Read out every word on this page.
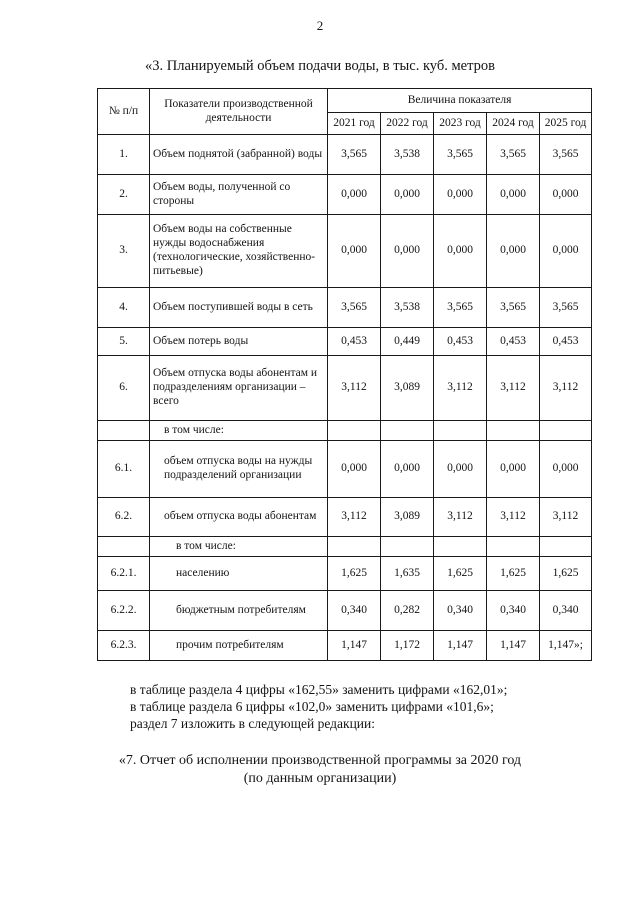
2
«3. Планируемый объем подачи воды, в тыс. куб. метров
№ п/п	Показатели производственной деятельности	Величина показателя				
		2021 год	2022 год	2023 год	2024 год	2025 год
1.	Объем поднятой (забранной) воды	3,565	3,538	3,565	3,565	3,565
2.	Объем воды, полученной со стороны	0,000	0,000	0,000	0,000	0,000
3.	Объем воды на собственные нужды водоснабжения (технологические, хозяйственно-питьевые)	0,000	0,000	0,000	0,000	0,000
4.	Объем поступившей воды в сеть	3,565	3,538	3,565	3,565	3,565
5.	Объем потерь воды	0,453	0,449	0,453	0,453	0,453
6.	Объем отпуска воды абонентам и подразделениям организации – всего	3,112	3,089	3,112	3,112	3,112
	в том числе:					
6.1.	объем отпуска воды на нужды подразделений организации	0,000	0,000	0,000	0,000	0,000
6.2.	объем отпуска воды абонентам	3,112	3,089	3,112	3,112	3,112
	в том числе:					
6.2.1.	населению	1,625	1,635	1,625	1,625	1,625
6.2.2.	бюджетным потребителям	0,340	0,282	0,340	0,340	0,340
6.2.3.	прочим потребителям	1,147	1,172	1,147	1,147	1,147»;
в таблице раздела 4 цифры «162,55» заменить цифрами «162,01»;
в таблице раздела 6 цифры «102,0» заменить цифрами «101,6»;
раздел 7 изложить в следующей редакции:
«7. Отчет об исполнении производственной программы за 2020 год
(по данным организации)
